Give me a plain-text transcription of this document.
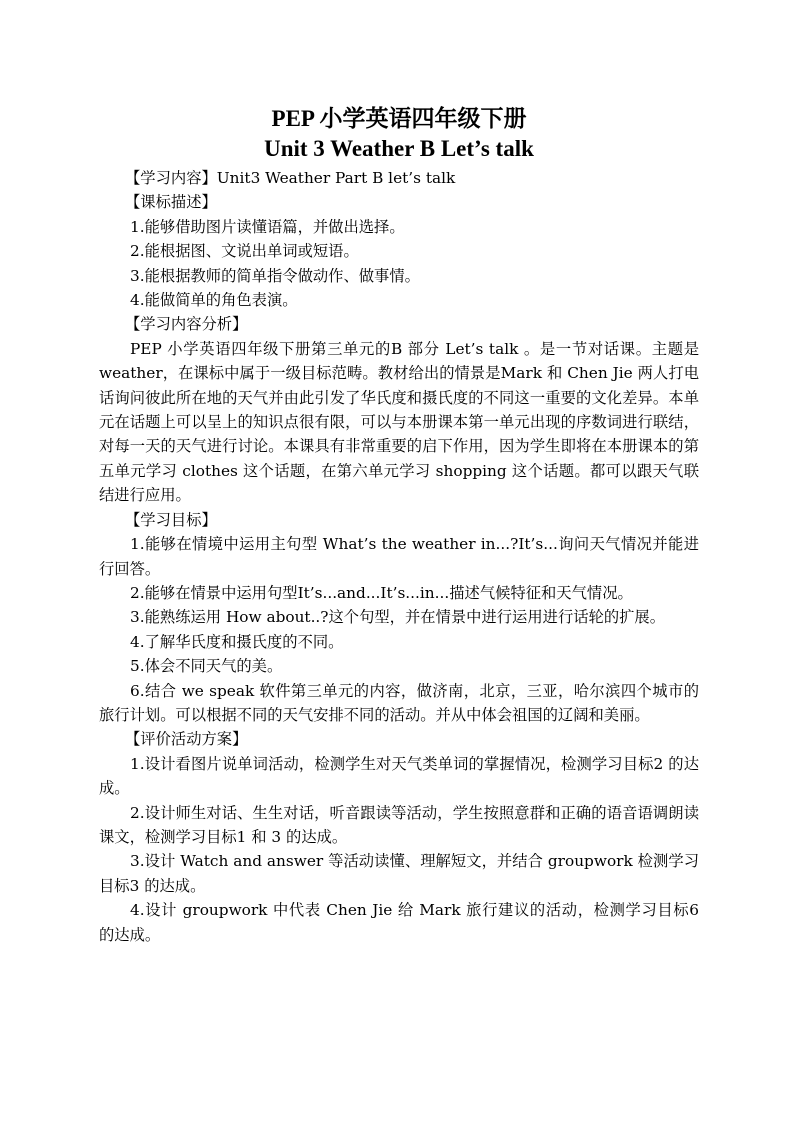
PEP 小学英语四年级下册
Unit 3 Weather B Let’s talk

【学习内容】Unit3 Weather Part B let’s talk

【课标描述】

1.能够借助图片读懂语篇，并做出选择。

2.能根据图、文说出单词或短语。

3.能根据教师的简单指令做动作、做事情。

4.能做简单的角色表演。

【学习内容分析】

PEP 小学英语四年级下册第三单元的B 部分 Let’s talk 。是一节对话课。主题是 weather，在课标中属于一级目标范畴。教材给出的情景是Mark 和 Chen Jie 两人打电话询问彼此所在地的天气并由此引发了华氏度和摄氏度的不同这一重要的文化差异。本单元在话题上可以呈上的知识点很有限，可以与本册课本第一单元出现的序数词进行联结，对每一天的天气进行讨论。本课具有非常重要的启下作用，因为学生即将在本册课本的第五单元学习 clothes 这个话题，在第六单元学习 shopping 这个话题。都可以跟天气联结进行应用。

【学习目标】

1.能够在情境中运用主句型 What’s the weather in...?It’s...询问天气情况并能进行回答。

2.能够在情景中运用句型It’s...and...It’s...in...描述气候特征和天气情况。

3.能熟练运用 How about..?这个句型，并在情景中进行运用进行话轮的扩展。

4.了解华氏度和摄氏度的不同。

5.体会不同天气的美。

6.结合 we speak 软件第三单元的内容，做济南，北京，三亚，哈尔滨四个城市的旅行计划。可以根据不同的天气安排不同的活动。并从中体会祖国的辽阔和美丽。

【评价活动方案】

1.设计看图片说单词活动，检测学生对天气类单词的掌握情况，检测学习目标2 的达成。

2.设计师生对话、生生对话，听音跟读等活动，学生按照意群和正确的语音语调朗读课文，检测学习目标1 和 3 的达成。

3.设计 Watch and answer 等活动读懂、理解短文，并结合 groupwork 检测学习目标3 的达成。

4.设计 groupwork 中代表 Chen Jie 给 Mark 旅行建议的活动，检测学习目标6 的达成。
